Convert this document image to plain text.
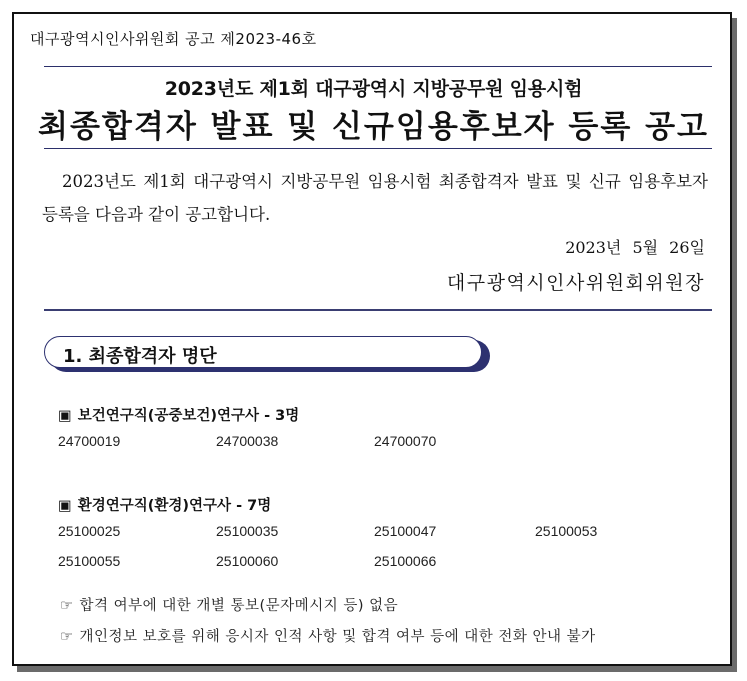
대구광역시인사위원회 공고 제2023-46호
2023년도 제1회 대구광역시 지방공무원 임용시험
최종합격자 발표 및 신규임용후보자 등록 공고
2023년도 제1회 대구광역시 지방공무원 임용시험 최종합격자 발표 및 신규 임용후보자 등록을 다음과 같이 공고합니다.
2023년 5월 26일
대구광역시인사위원회위원장
1. 최종합격자 명단
▣ 보건연구직(공중보건)연구사 - 3명
24700019	24700038	24700070
▣ 환경연구직(환경)연구사 - 7명
25100025	25100035	25100047	25100053
25100055	25100060	25100066
☞ 합격 여부에 대한 개별 통보(문자메시지 등) 없음
☞ 개인정보 보호를 위해 응시자 인적 사항 및 합격 여부 등에 대한 전화 안내 불가
